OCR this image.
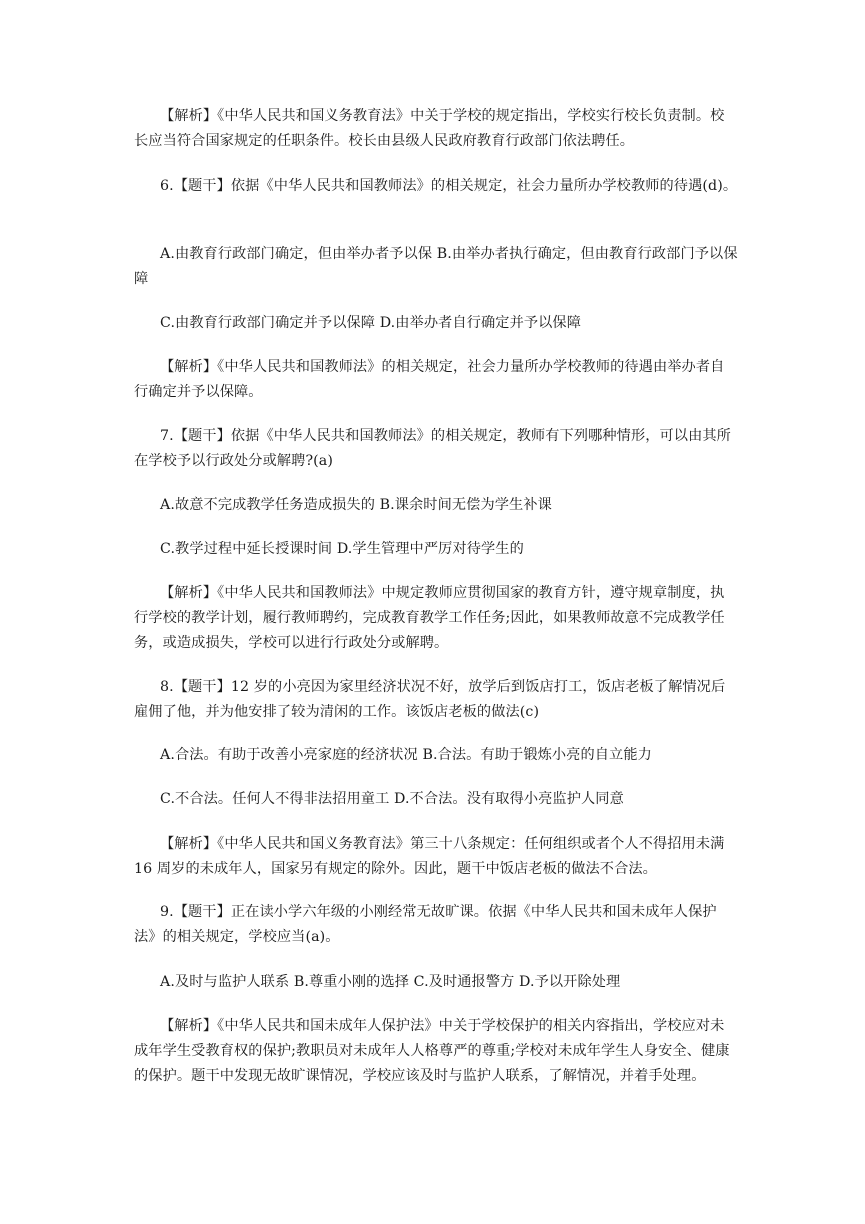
【解析】《中华人民共和国义务教育法》中关于学校的规定指出，学校实行校长负责制。校长应当符合国家规定的任职条件。校长由县级人民政府教育行政部门依法聘任。

6.【题干】依据《中华人民共和国教师法》的相关规定，社会力量所办学校教师的待遇(d)。

A.由教育行政部门确定，但由举办者予以保 B.由举办者执行确定，但由教育行政部门予以保障

C.由教育行政部门确定并予以保障 D.由举办者自行确定并予以保障

【解析】《中华人民共和国教师法》的相关规定，社会力量所办学校教师的待遇由举办者自行确定并予以保障。

7.【题干】依据《中华人民共和国教师法》的相关规定，教师有下列哪种情形，可以由其所在学校予以行政处分或解聘?(a)

A.故意不完成教学任务造成损失的 B.课余时间无偿为学生补课

C.教学过程中延长授课时间 D.学生管理中严厉对待学生的

【解析】《中华人民共和国教师法》中规定教师应贯彻国家的教育方针，遵守规章制度，执行学校的教学计划，履行教师聘约，完成教育教学工作任务;因此，如果教师故意不完成教学任务，或造成损失，学校可以进行行政处分或解聘。

8.【题干】12 岁的小亮因为家里经济状况不好，放学后到饭店打工，饭店老板了解情况后雇佣了他，并为他安排了较为清闲的工作。该饭店老板的做法(c)

A.合法。有助于改善小亮家庭的经济状况 B.合法。有助于锻炼小亮的自立能力

C.不合法。任何人不得非法招用童工 D.不合法。没有取得小亮监护人同意

【解析】《中华人民共和国义务教育法》第三十八条规定：任何组织或者个人不得招用未满 16 周岁的未成年人，国家另有规定的除外。因此，题干中饭店老板的做法不合法。

9.【题干】正在读小学六年级的小刚经常无故旷课。依据《中华人民共和国未成年人保护法》的相关规定，学校应当(a)。

A.及时与监护人联系 B.尊重小刚的选择 C.及时通报警方 D.予以开除处理

【解析】《中华人民共和国未成年人保护法》中关于学校保护的相关内容指出，学校应对未成年学生受教育权的保护;教职员对未成年人人格尊严的尊重;学校对未成年学生人身安全、健康的保护。题干中发现无故旷课情况，学校应该及时与监护人联系，了解情况，并着手处理。
